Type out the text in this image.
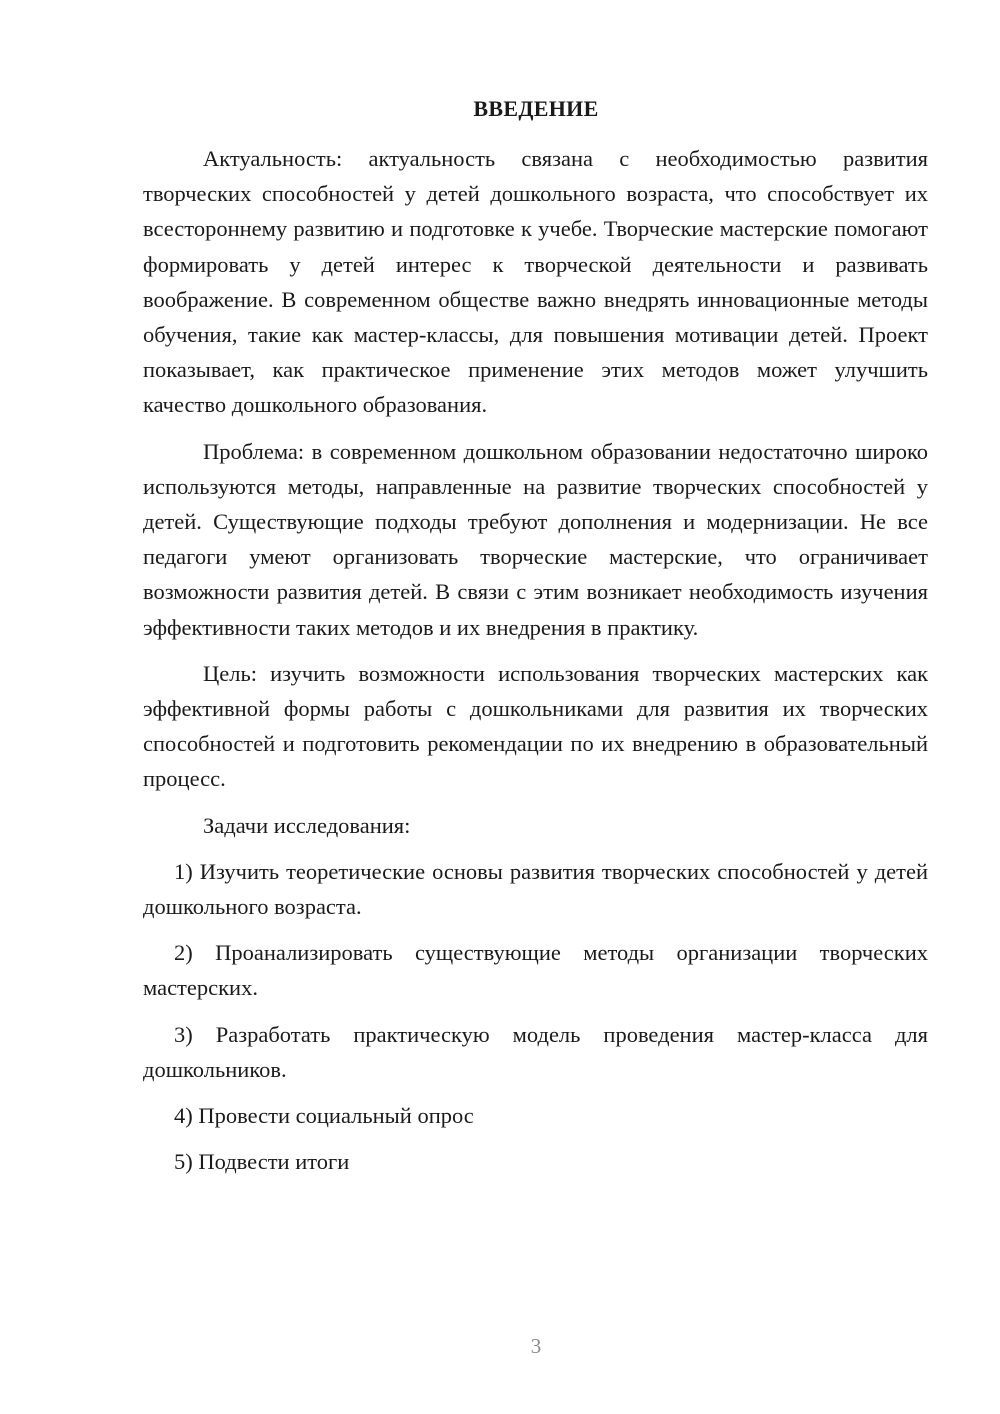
ВВЕДЕНИЕ

Актуальность: актуальность связана с необходимостью развития творческих способностей у детей дошкольного возраста, что способствует их всестороннему развитию и подготовке к учебе. Творческие мастерские помогают формировать у детей интерес к творческой деятельности и развивать воображение. В современном обществе важно внедрять инновационные методы обучения, такие как мастер-классы, для повышения мотивации детей. Проект показывает, как практическое применение этих методов может улучшить качество дошкольного образования.

Проблема: в современном дошкольном образовании недостаточно широко используются методы, направленные на развитие творческих способностей у детей. Существующие подходы требуют дополнения и модернизации. Не все педагоги умеют организовать творческие мастерские, что ограничивает возможности развития детей. В связи с этим возникает необходимость изучения эффективности таких методов и их внедрения в практику.

Цель: изучить возможности использования творческих мастерских как эффективной формы работы с дошкольниками для развития их творческих способностей и подготовить рекомендации по их внедрению в образовательный процесс.

Задачи исследования:

1) Изучить теоретические основы развития творческих способностей у детей дошкольного возраста.

2) Проанализировать существующие методы организации творческих мастерских.

3) Разработать практическую модель проведения мастер-класса для дошкольников.

4) Провести социальный опрос

5) Подвести итоги

3
